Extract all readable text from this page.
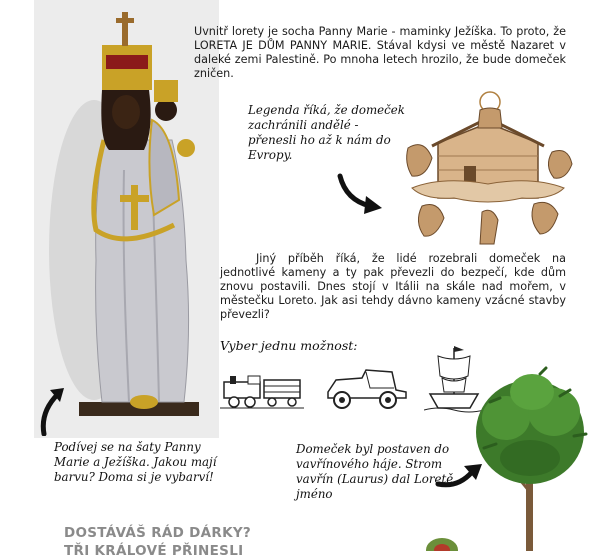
Uvnitř lorety je socha Panny Marie - maminky Ježíška. To proto, že LORETA JE DŮM PANNY MARIE. Stával kdysi ve městě Nazaret v daleké zemi Palestině. Po mnoha letech hrozilo, že bude domeček zničen.
Legenda říká, že domeček zachránili andělé - přenesli ho až k nám do Evropy.
Jiný příběh říká, že lidé rozebrali domeček na jednotlivé kameny a ty pak převezli do bezpečí, kde dům znovu postavili. Dnes stojí v Itálii na skále nad mořem, v městečku Loreto. Jak asi tehdy dávno kameny vzácné stavby převezli?
Vyber jednu možnost:
Podívej se na šaty Panny Marie a Ježíška. Jakou mají barvu? Doma si je vybarví!
Domeček byl postaven do vavřínového háje. Strom vavřín (Laurus) dal Loretě jméno
DOSTÁVÁŠ RÁD DÁRKY?
TŘI KRÁLOVÉ PŘINESLI
